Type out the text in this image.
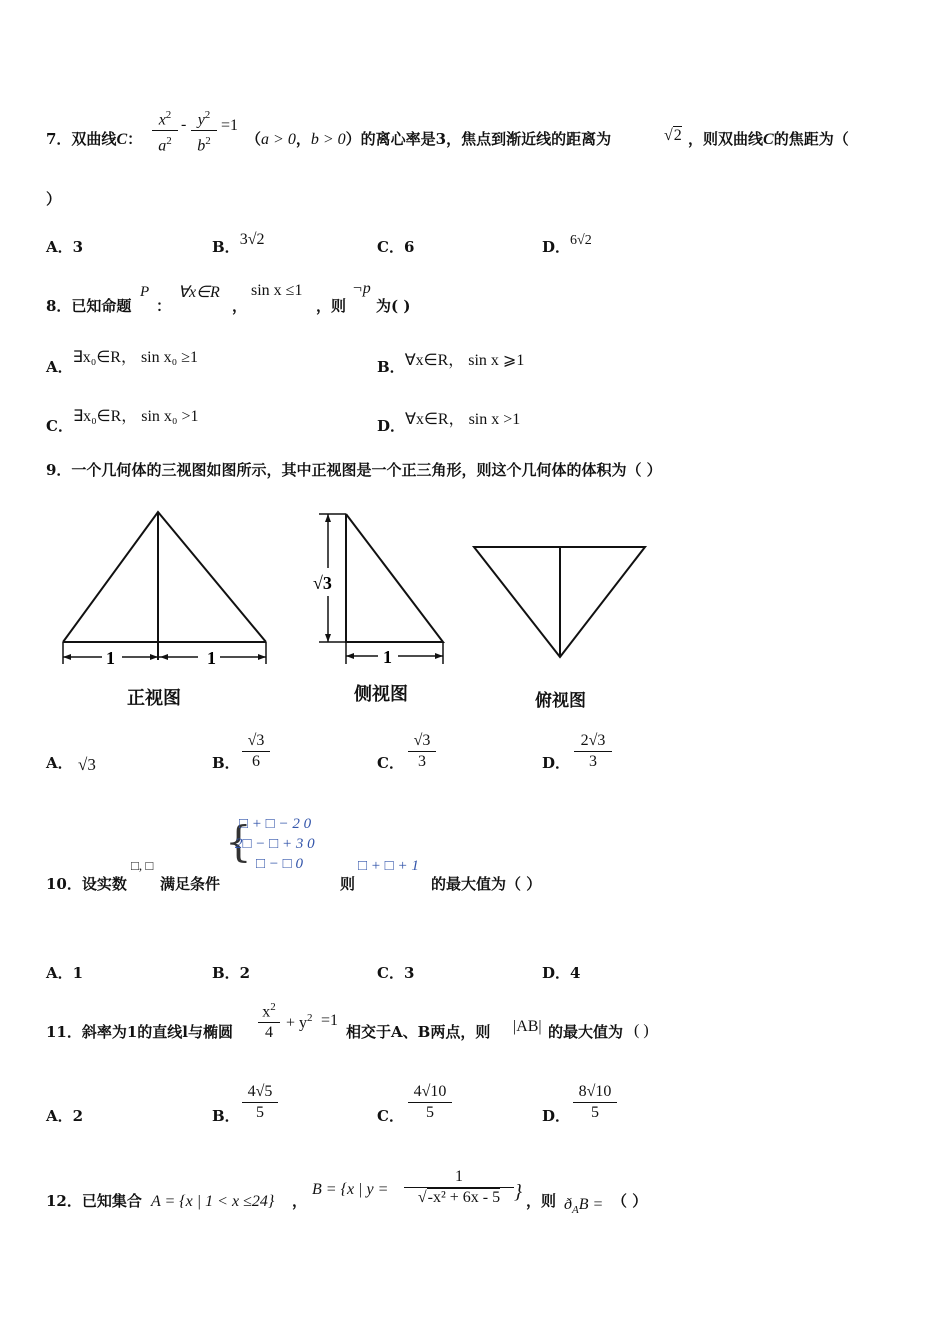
7．双曲线C：
$x^2$
$a^2$
- $y^2$
$b^2$
=1
（a > 0，b > 0）的离心率是3，焦点到渐近线的距离为	√2 ，则双曲线C的焦距为（
）
A．3	B．3√2	C．6	D．6√2
8．已知命题
P
：
∀x∈R
，
sin x ≤1
，则
¬p
为( )
A．∃x₀∈R， sin x₀ ≥1
B．∀x∈R， sin x ⩾1
C．∃x₀∈R， sin x₀ >1
D．∀x∈R， sin x >1
9．一个几何体的三视图如图所示，其中正视图是一个正三角形，则这个几何体的体积为（ ）
1	1
√3
1
正视图	侧视图	俯视图
A． √3	B．
√3
6	C．
√3
3	D．
2√3
3
10．设实数
□, □
满足条件
{
□ + □ − 2 0
2□ − □ + 3 0
□ − □ 0
则
□ + □ + 1
的最大值为（ ）
A．1	B．2	C．3	D．4
11．斜率为1的直线l与椭圆
$x^2$
4
+ $y^2 =1$
相交于A、B两点，则 |AB| 的最大值为 ( )
A．2	B．
4√5
5	C．
4√10
5	D．
8√10
5
12．已知集合 A = {x | 1 < x ≤24} ，
B = {x | y =
1
√-x² + 6x - 5 } ，则 $ð_AB$ = （ ）
